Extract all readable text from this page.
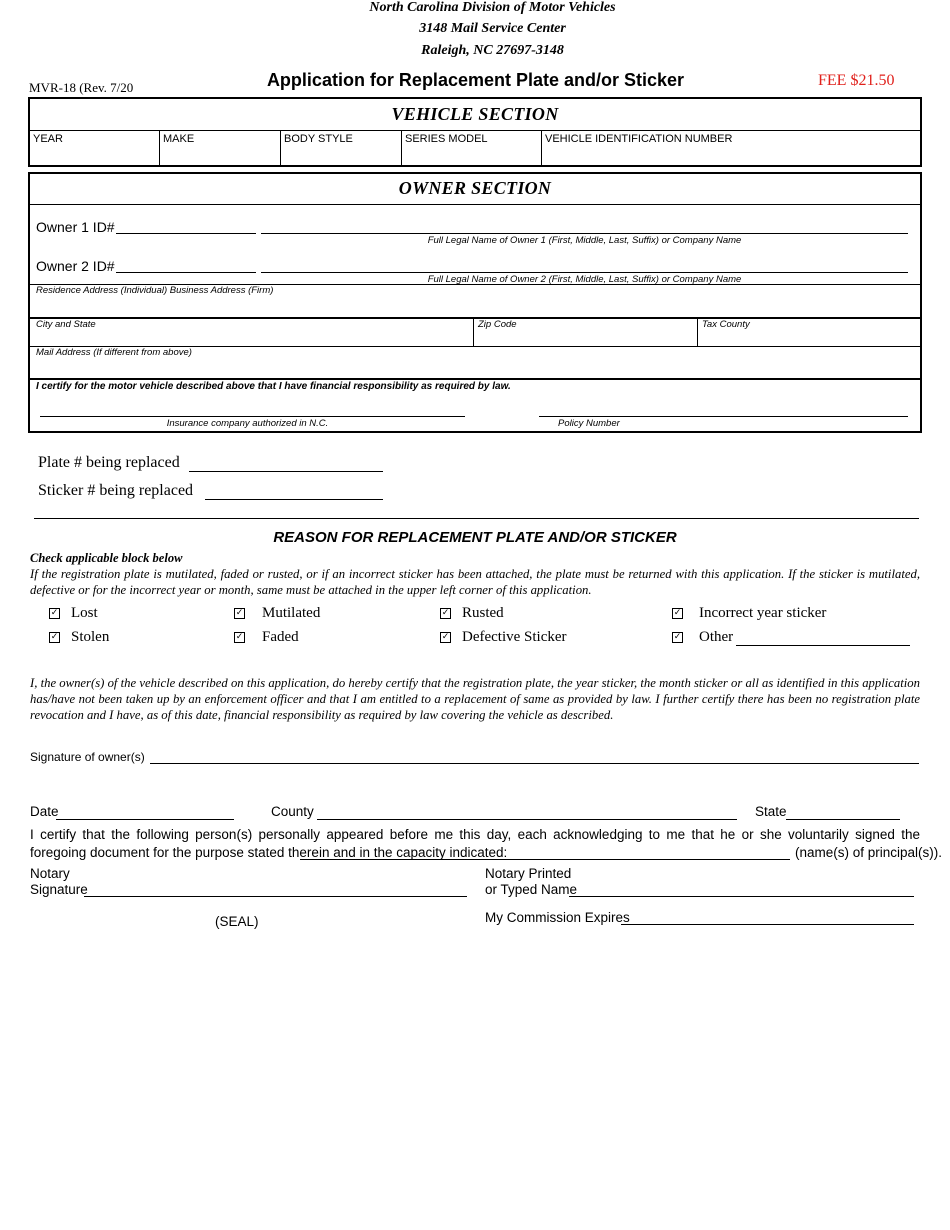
North Carolina Division of Motor Vehicles
3148 Mail Service Center
Raleigh, NC 27697-3148
MVR-18 (Rev. 7/20	Application for Replacement Plate and/or Sticker	FEE $21.50
VEHICLE SECTION
YEAR	MAKE	BODY STYLE	SERIES MODEL	VEHICLE IDENTIFICATION NUMBER
OWNER SECTION
Owner 1 ID#
Full Legal Name of Owner 1 (First, Middle, Last, Suffix) or Company Name
Owner 2 ID#
Full Legal Name of Owner 2 (First, Middle, Last, Suffix) or Company Name
Residence Address (Individual) Business Address (Firm)
City and State	Zip Code	Tax County
Mail Address (If different from above)
I certify for the motor vehicle described above that I have financial responsibility as required by law.
Insurance company authorized in N.C.	Policy Number
Plate # being replaced
Sticker # being replaced
REASON FOR REPLACEMENT PLATE AND/OR STICKER
Check applicable block below
If the registration plate is mutilated, faded or rusted, or if an incorrect sticker has been attached, the plate must be returned with this application. If the sticker is mutilated, defective or for the incorrect year or month, same must be attached in the upper left corner of this application.
✓ Lost	✓ Mutilated	✓ Rusted	✓ Incorrect year sticker
✓ Stolen	✓ Faded	✓ Defective Sticker	✓ Other
I, the owner(s) of the vehicle described on this application, do hereby certify that the registration plate, the year sticker, the month sticker or all as identified in this application has/have not been taken up by an enforcement officer and that I am entitled to a replacement of same as provided by law. I further certify there has been no registration plate revocation and I have, as of this date, financial responsibility as required by law covering the vehicle as described.
Signature of owner(s)
Date	County	State
I certify that the following person(s) personally appeared before me this day, each acknowledging to me that he or she voluntarily signed the foregoing document for the purpose stated therein and in the capacity indicated:	(name(s) of principal(s)).
Notary
Signature
Notary Printed
or Typed Name
(SEAL)	My Commission Expires
